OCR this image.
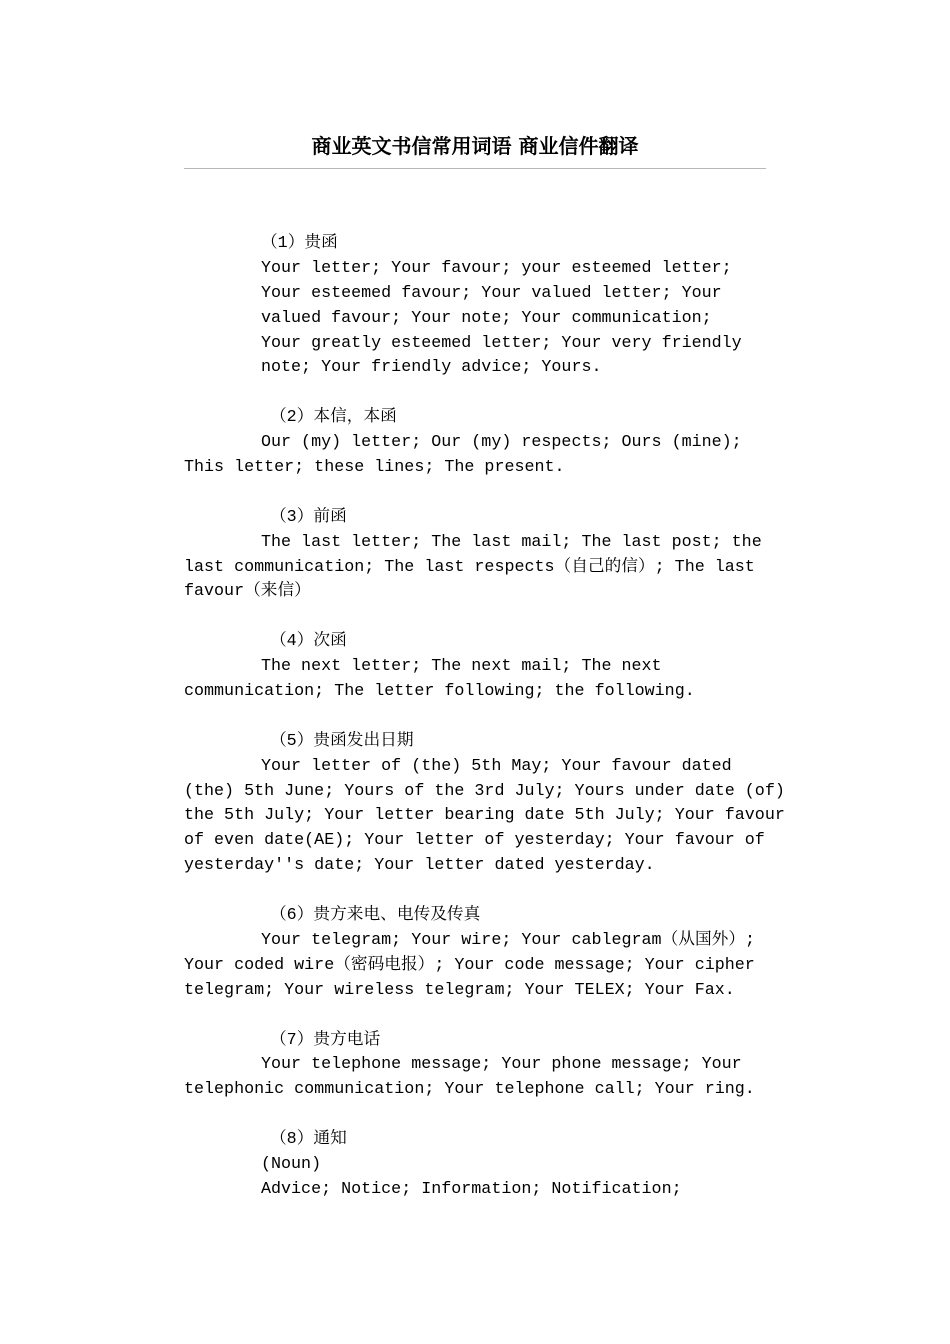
商业英文书信常用词语 商业信件翻译
（1）贵函
Your letter; Your favour; your esteemed letter;
Your esteemed favour; Your valued letter; Your
valued favour; Your note; Your communication;
Your greatly esteemed letter; Your very friendly
note; Your friendly advice; Yours.
（2）本信，本函
Our (my) letter; Our (my) respects; Ours (mine);
This letter; these lines; The present.
（3）前函
The last letter; The last mail; The last post; the
last communication; The last respects（自己的信）; The last
favour（来信）
（4）次函
The next letter; The next mail; The next
communication; The letter following; the following.
（5）贵函发出日期
Your letter of (the) 5th May; Your favour dated
(the) 5th June; Yours of the 3rd July; Yours under date (of)
the 5th July; Your letter bearing date 5th July; Your favour
of even date(AE); Your letter of yesterday; Your favour of
yesterday''s date; Your letter dated yesterday.
（6）贵方来电、电传及传真
Your telegram; Your wire; Your cablegram（从国外）;
Your coded wire（密码电报）; Your code message; Your cipher
telegram; Your wireless telegram; Your TELEX; Your Fax.
（7）贵方电话
Your telephone message; Your phone message; Your
telephonic communication; Your telephone call; Your ring.
（8）通知
(Noun)
Advice; Notice; Information; Notification;
